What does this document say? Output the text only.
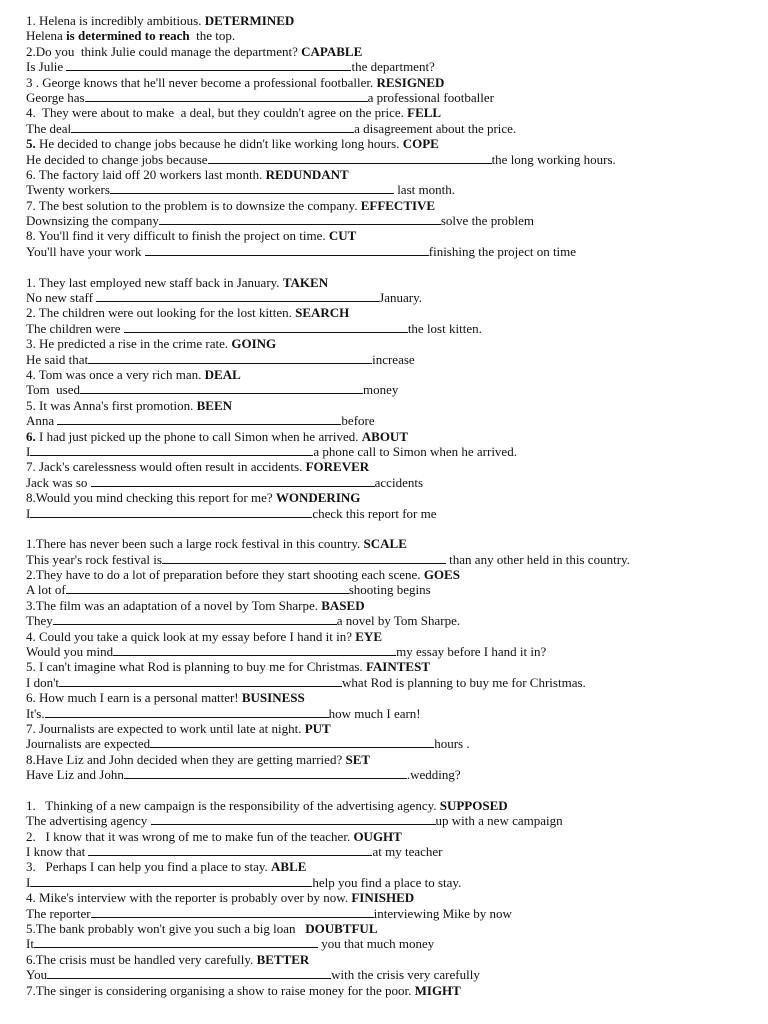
1. Helena is incredibly ambitious. DETERMINED
Helena is determined to reach  the top.
2.Do you  think Julie could manage the department? CAPABLE
Is Julie	the department?
3 . George knows that he'll never become a professional footballer. RESIGNED
George has	a professional footballer
4.  They were about to make  a deal, but they couldn't agree on the price. FELL
The deal	a disagreement about the price.
5. He decided to change jobs because he didn't like working long hours. COPE
He decided to change jobs because	the long working hours.
6. The factory laid off 20 workers last month. REDUNDANT
Twenty workers	last month.
7. The best solution to the problem is to downsize the company. EFFECTIVE
Downsizing the company	solve the problem
8. You'll find it very difficult to finish the project on time. CUT
You'll have your work	finishing the project on time
1. They last employed new staff back in January. TAKEN
No new staff	January.
2. The children were out looking for the lost kitten. SEARCH
The children were	the lost kitten.
3. He predicted a rise in the crime rate. GOING
He said that	increase
4. Tom was once a very rich man. DEAL
Tom  used	money
5. It was Anna's first promotion. BEEN
Anna	before
6. I had just picked up the phone to call Simon when he arrived. ABOUT
I	a phone call to Simon when he arrived.
7. Jack's carelessness would often result in accidents. FOREVER
Jack was so	accidents
8.Would you mind checking this report for me? WONDERING
I	check this report for me
1.There has never been such a large rock festival in this country. SCALE
This year's rock festival is	than any other held in this country.
2.They have to do a lot of preparation before they start shooting each scene. GOES
A lot of	shooting begins
3.The film was an adaptation of a novel by Tom Sharpe. BASED
They	a novel by Tom Sharpe.
4. Could you take a quick look at my essay before I hand it in? EYE
Would you mind	my essay before I hand it in?
5. I can't imagine what Rod is planning to buy me for Christmas. FAINTEST
I don't	what Rod is planning to buy me for Christmas.
6. How much I earn is a personal matter! BUSINESS
It's.	how much I earn!
7. Journalists are expected to work until late at night. PUT
Journalists are expected	hours .
8.Have Liz and John decided when they are getting married? SET
Have Liz and John	.wedding?
1.   Thinking of a new campaign is the responsibility of the advertising agency. SUPPOSED
The advertising agency	up with a new campaign
2.   I know that it was wrong of me to make fun of the teacher. OUGHT
I know that	at my teacher
3.   Perhaps I can help you find a place to stay. ABLE
I	help you find a place to stay.
4. Mike's interview with the reporter is probably over by now. FINISHED
The reporter	interviewing Mike by now
5.The bank probably won't give you such a big loan   DOUBTFUL
It	you that much money
6.The crisis must be handled very carefully. BETTER
You	with the crisis very carefully
7.The singer is considering organising a show to raise money for the poor. MIGHT
